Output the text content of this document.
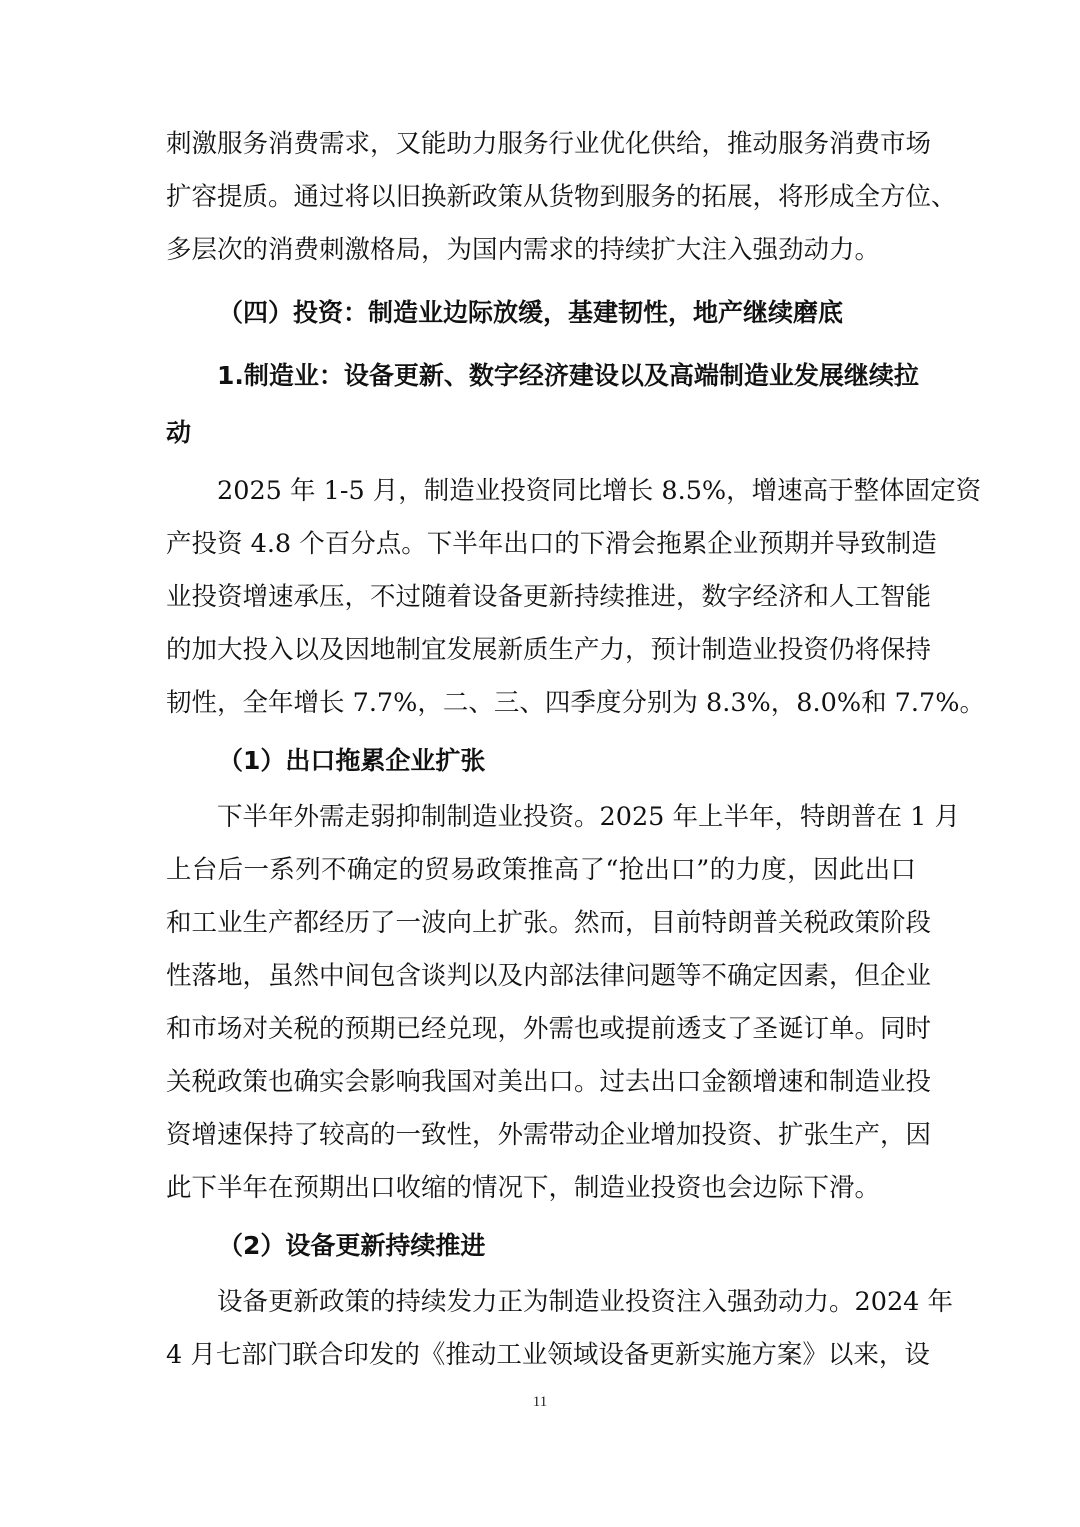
刺激服务消费需求，又能助力服务行业优化供给，推动服务消费市场
扩容提质。通过将以旧换新政策从货物到服务的拓展，将形成全方位、
多层次的消费刺激格局，为国内需求的持续扩大注入强劲动力。
（四）投资：制造业边际放缓，基建韧性，地产继续磨底
1.制造业：设备更新、数字经济建设以及高端制造业发展继续拉
动
2025 年 1-5 月，制造业投资同比增长 8.5%，增速高于整体固定资
产投资 4.8 个百分点。下半年出口的下滑会拖累企业预期并导致制造
业投资增速承压，不过随着设备更新持续推进，数字经济和人工智能
的加大投入以及因地制宜发展新质生产力，预计制造业投资仍将保持
韧性，全年增长 7.7%，二、三、四季度分别为 8.3%，8.0%和 7.7%。
（1）出口拖累企业扩张
下半年外需走弱抑制制造业投资。2025 年上半年，特朗普在 1 月
上台后一系列不确定的贸易政策推高了“抢出口”的力度，因此出口
和工业生产都经历了一波向上扩张。然而，目前特朗普关税政策阶段
性落地，虽然中间包含谈判以及内部法律问题等不确定因素，但企业
和市场对关税的预期已经兑现，外需也或提前透支了圣诞订单。同时
关税政策也确实会影响我国对美出口。过去出口金额增速和制造业投
资增速保持了较高的一致性，外需带动企业增加投资、扩张生产，因
此下半年在预期出口收缩的情况下，制造业投资也会边际下滑。
（2）设备更新持续推进
设备更新政策的持续发力正为制造业投资注入强劲动力。2024 年
4 月七部门联合印发的《推动工业领域设备更新实施方案》以来，设
11
